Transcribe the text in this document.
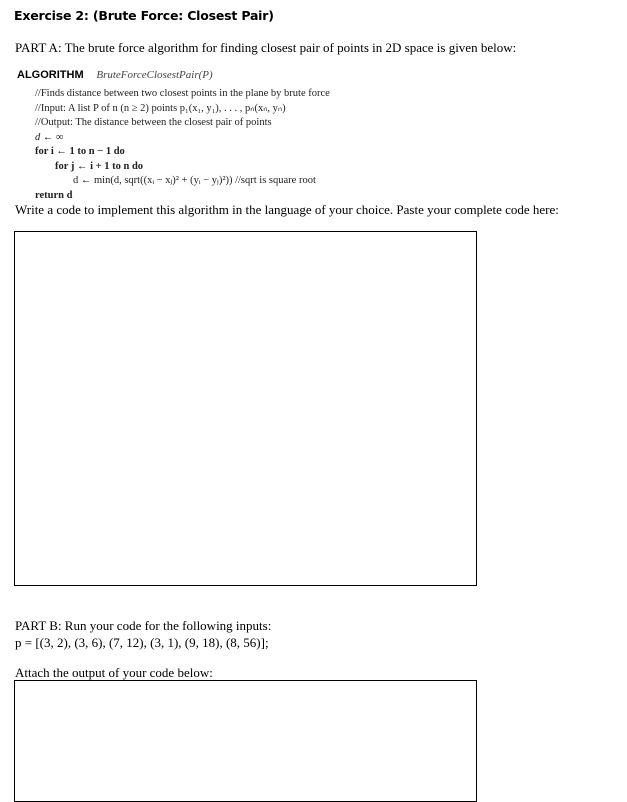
Exercise 2: (Brute Force: Closest Pair)
PART A: The brute force algorithm for finding closest pair of points in 2D space is given below:
ALGORITHM BruteForceClosestPair(P)
//Finds distance between two closest points in the plane by brute force
//Input: A list P of n (n ≥ 2) points p₁(x₁, y₁), . . . , pₙ(xₙ, yₙ)
//Output: The distance between the closest pair of points
d ← ∞
for i ← 1 to n − 1 do
for j ← i + 1 to n do
d ← min(d, sqrt((xᵢ − xⱼ)² + (yᵢ − yⱼ)²)) //sqrt is square root
return d
Write a code to implement this algorithm in the language of your choice. Paste your complete code here:
PART B: Run your code for the following inputs:
p = [(3, 2), (3, 6), (7, 12), (3, 1), (9, 18), (8, 56)];
Attach the output of your code below:
